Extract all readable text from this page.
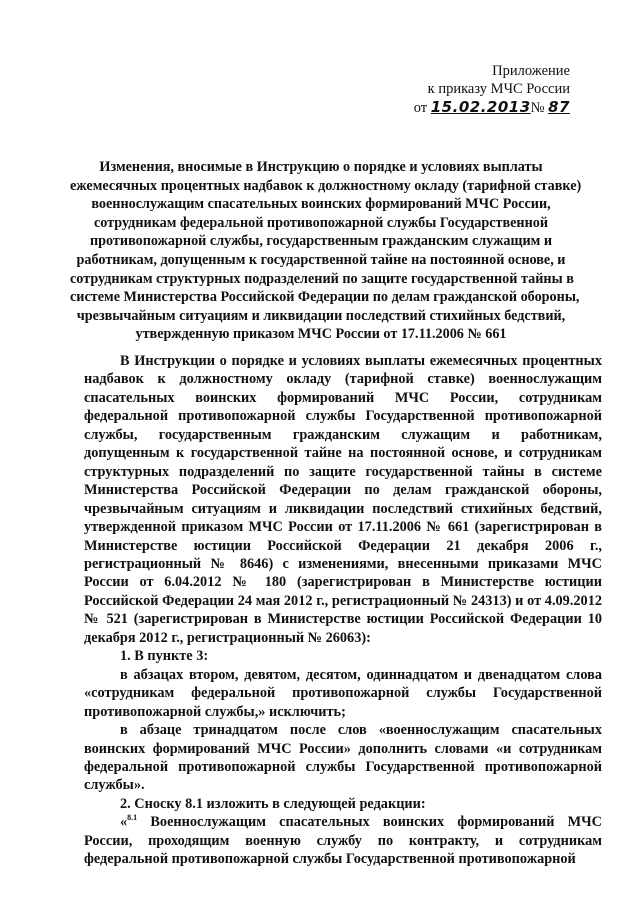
Приложение
к приказу МЧС России
от 15.02.2013№ 87
Изменения, вносимые в Инструкцию о порядке и условиях выплаты
ежемесячных процентных надбавок к должностному окладу (тарифной ставке)
военнослужащим спасательных воинских формирований МЧС России,
сотрудникам федеральной противопожарной службы Государственной
противопожарной службы, государственным гражданским служащим и
работникам, допущенным к государственной тайне на постоянной основе, и
сотрудникам структурных подразделений по защите государственной тайны в
системе Министерства Российской Федерации по делам гражданской обороны,
чрезвычайным ситуациям и ликвидации последствий стихийных бедствий,
утвержденную приказом МЧС России от 17.11.2006 № 661

В Инструкции о порядке и условиях выплаты ежемесячных процентных надбавок к должностному окладу (тарифной ставке) военнослужащим спасательных воинских формирований МЧС России, сотрудникам федеральной противопожарной службы Государственной противопожарной службы, государственным гражданским служащим и работникам, допущенным к государственной тайне на постоянной основе, и сотрудникам структурных подразделений по защите государственной тайны в системе Министерства Российской Федерации по делам гражданской обороны, чрезвычайным ситуациям и ликвидации последствий стихийных бедствий, утвержденной приказом МЧС России от 17.11.2006 № 661 (зарегистрирован в Министерстве юстиции Российской Федерации 21 декабря 2006 г., регистрационный № 8646) с изменениями, внесенными приказами МЧС России от 6.04.2012 № 180 (зарегистрирован в Министерстве юстиции Российской Федерации 24 мая 2012 г., регистрационный № 24313) и от 4.09.2012 № 521 (зарегистрирован в Министерстве юстиции Российской Федерации 10 декабря 2012 г., регистрационный № 26063):

1. В пункте 3:

в абзацах втором, девятом, десятом, одиннадцатом и двенадцатом слова «сотрудникам федеральной противопожарной службы Государственной противопожарной службы,» исключить;

в абзаце тринадцатом после слов «военнослужащим спасательных воинских формирований МЧС России» дополнить словами «и сотрудникам федеральной противопожарной службы Государственной противопожарной службы».

2. Сноску 8.1 изложить в следующей редакции:

«$^{8.1}$ Военнослужащим спасательных воинских формирований МЧС России, проходящим военную службу по контракту, и сотрудникам федеральной противопожарной службы Государственной противопожарной
